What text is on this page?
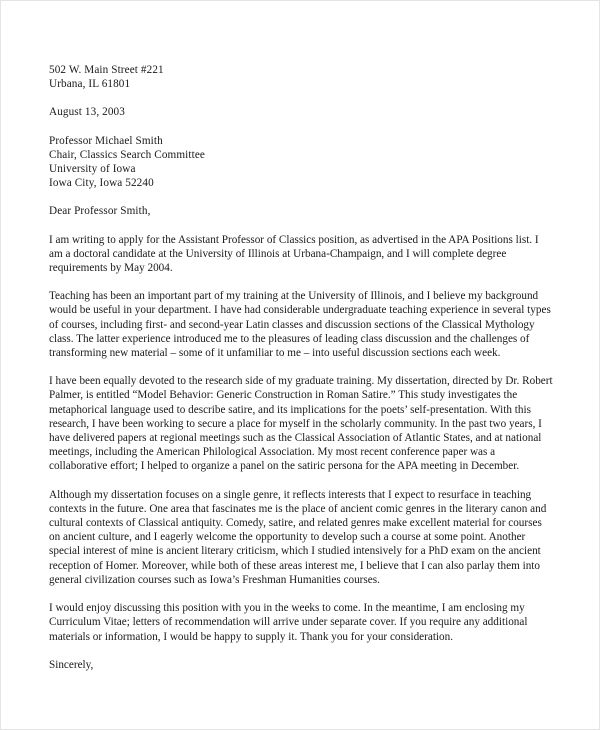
502 W. Main Street #221
Urbana, IL 61801
August 13, 2003
Professor Michael Smith
Chair, Classics Search Committee
University of Iowa
Iowa City, Iowa 52240
Dear Professor Smith,

I am writing to apply for the Assistant Professor of Classics position, as advertised in the APA Positions list. I am a doctoral candidate at the University of Illinois at Urbana-Champaign, and I will complete degree requirements by May 2004.

Teaching has been an important part of my training at the University of Illinois, and I believe my background would be useful in your department. I have had considerable undergraduate teaching experience in several types of courses, including first- and second-year Latin classes and discussion sections of the Classical Mythology class. The latter experience introduced me to the pleasures of leading class discussion and the challenges of transforming new material – some of it unfamiliar to me – into useful discussion sections each week.

I have been equally devoted to the research side of my graduate training. My dissertation, directed by Dr. Robert Palmer, is entitled “Model Behavior: Generic Construction in Roman Satire.” This study investigates the metaphorical language used to describe satire, and its implications for the poets’ self-presentation. With this research, I have been working to secure a place for myself in the scholarly community. In the past two years, I have delivered papers at regional meetings such as the Classical Association of Atlantic States, and at national meetings, including the American Philological Association. My most recent conference paper was a collaborative effort; I helped to organize a panel on the satiric persona for the APA meeting in December.

Although my dissertation focuses on a single genre, it reflects interests that I expect to resurface in teaching contexts in the future. One area that fascinates me is the place of ancient comic genres in the literary canon and cultural contexts of Classical antiquity. Comedy, satire, and related genres make excellent material for courses on ancient culture, and I eagerly welcome the opportunity to develop such a course at some point. Another special interest of mine is ancient literary criticism, which I studied intensively for a PhD exam on the ancient reception of Homer. Moreover, while both of these areas interest me, I believe that I can also parlay them into general civilization courses such as Iowa’s Freshman Humanities courses.

I would enjoy discussing this position with you in the weeks to come. In the meantime, I am enclosing my Curriculum Vitae; letters of recommendation will arrive under separate cover. If you require any additional materials or information, I would be happy to supply it. Thank you for your consideration.

Sincerely,
